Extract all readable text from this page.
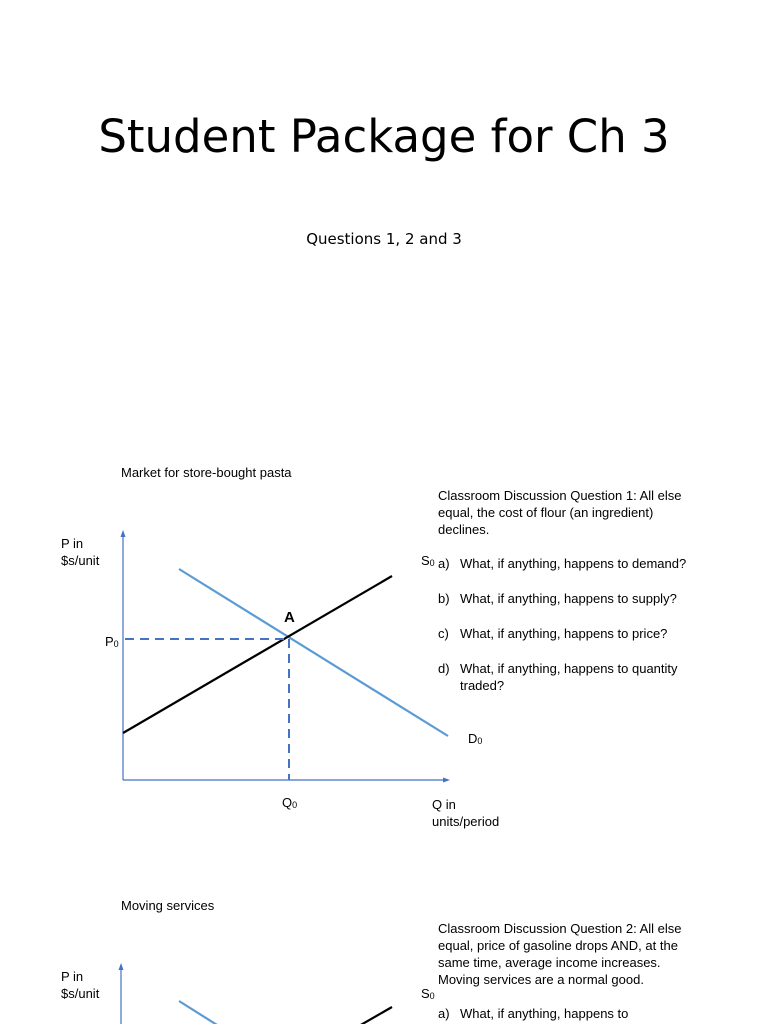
Student Package for Ch 3
Questions 1, 2 and 3
Market for store-bought pasta
P in $s/unit
A
S0
D0
P0
Q0	Q in units/period
Classroom Discussion Question 1: All else equal, the cost of flour (an ingredient) declines.
a) What, if anything, happens to demand?
b) What, if anything, happens to supply?
c) What, if anything, happens to price?
d) What, if anything, happens to quantity traded?
Moving services
P in $s/unit	S0
Classroom Discussion Question 2: All else equal, price of gasoline drops AND, at the same time, average income increases. Moving services are a normal good.
a) What, if anything, happens to
